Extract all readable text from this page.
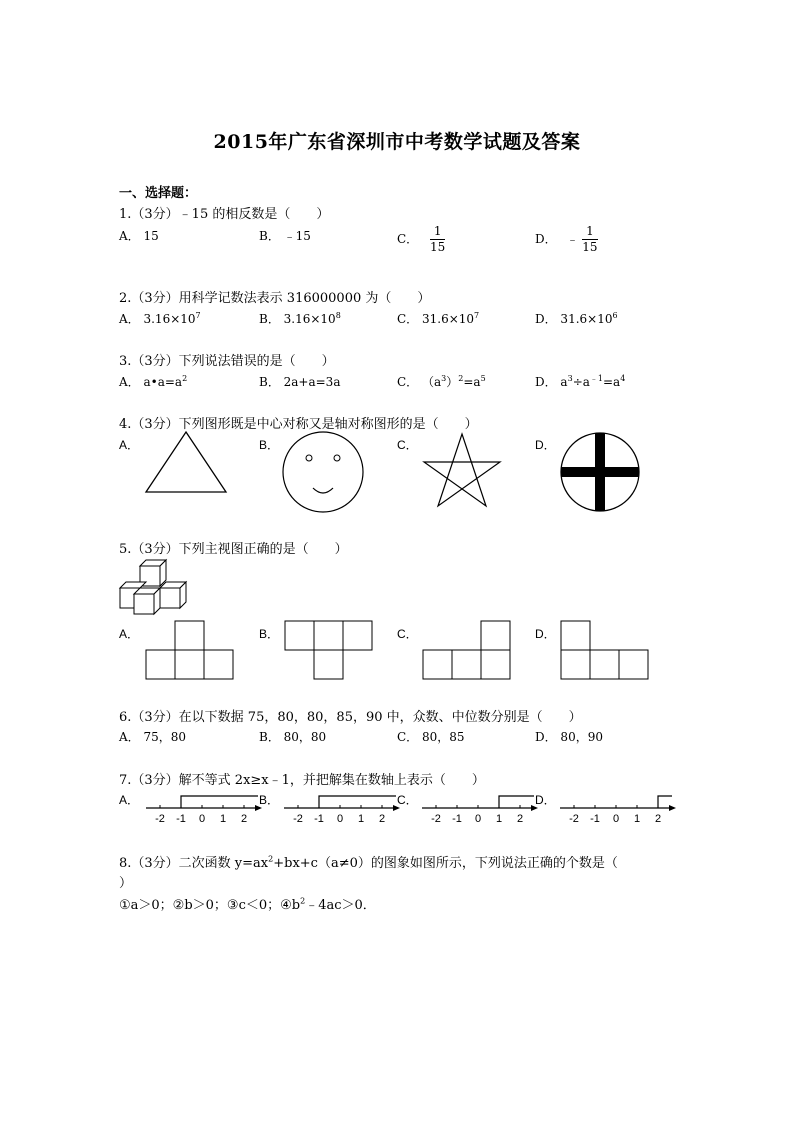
2015年广东省深圳市中考数学试题及答案
一、选择题：
1.（3分）﹣15 的相反数是（　　）
A． 15	B． ﹣15	C． $\frac{1}{15}$	D． ﹣ $\frac{1}{15}$
2.（3分）用科学记数法表示 316000000 为（　　）
A． $3.16\times 10^7$	B． $3.16\times 10^8$	C． $31.6\times 10^7$	D． $31.6\times 10^6$
3.（3分）下列说法错误的是（　　）
A． $a•a=a^2$	B． 2a+a=3a	C． $(a^3)^2=a^5$	D． $a^3\div a^{﹣1}=a^4$
4.（3分）下列图形既是中心对称又是轴对称图形的是（　　）
A．	B．	C．	D．
5.（3分）下列主视图正确的是（　　）
A．	B．	C．	D．
6.（3分）在以下数据 75，80，80，85，90 中，众数、中位数分别是（　　）
A． 75，80	B． 80，80	C． 80，85	D． 80，90
7.（3分）解不等式 2x≥x﹣1，并把解集在数轴上表示（　　）
A．	B．	C．	D．
-2 -1 0 1 2	-2 -1 0 1 2	-2 -1 0 1 2	-2 -1 0 1 2
8.（3分）二次函数 $y=ax^2+bx+c(a\ne 0)$的图象如图所示，下列说法正确的个数是（
）
①a＞0；②b＞0；③c＜0；$④b^2﹣4ac>0$．
